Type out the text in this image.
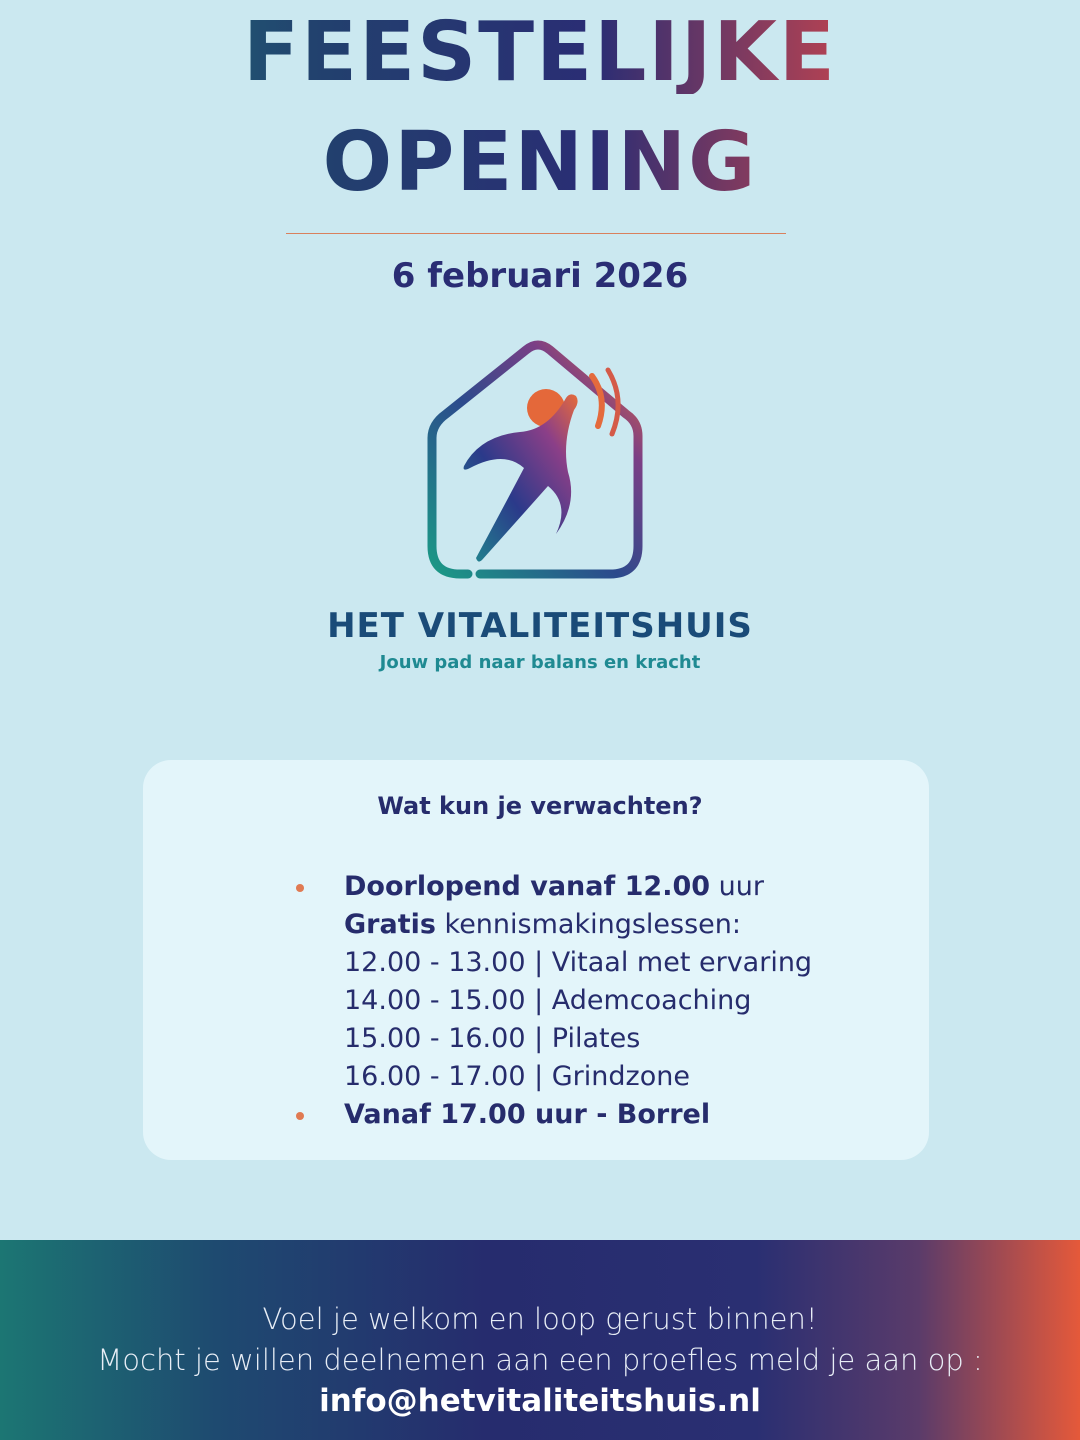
FEESTELIJKE
OPENING
6 februari 2026
HET VITALITEITSHUIS
Jouw pad naar balans en kracht
Wat kun je verwachten?
Doorlopend vanaf 12.00 uur
Gratis kennismakingslessen:
12.00 - 13.00 | Vitaal met ervaring
14.00 - 15.00 | Ademcoaching
15.00 - 16.00 | Pilates
16.00 - 17.00 | Grindzone
Vanaf 17.00 uur - Borrel
Voel je welkom en loop gerust binnen!
Mocht je willen deelnemen aan een proefles meld je aan op :
info@hetvitaliteitshuis.nl
